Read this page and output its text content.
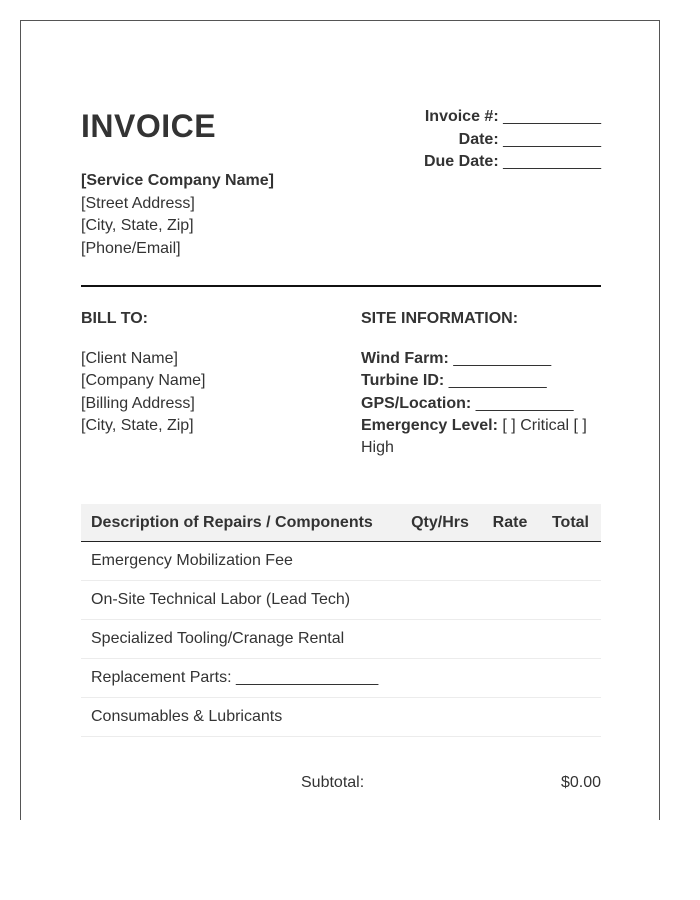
INVOICE	Invoice #: ___________
Date: ___________
Due Date: ___________
[Service Company Name]
[Street Address]
[City, State, Zip]
[Phone/Email]
BILL TO:
[Client Name]
[Company Name]
[Billing Address]
[City, State, Zip]
SITE INFORMATION:
Wind Farm: ___________
Turbine ID: ___________
GPS/Location: ___________
Emergency Level: [ ] Critical [ ] High
Description of Repairs / Components	Qty/Hrs	Rate	Total
Emergency Mobilization Fee			
On-Site Technical Labor (Lead Tech)			
Specialized Tooling/Cranage Rental			
Replacement Parts: ________________			
Consumables & Lubricants			
Subtotal:	$0.00
